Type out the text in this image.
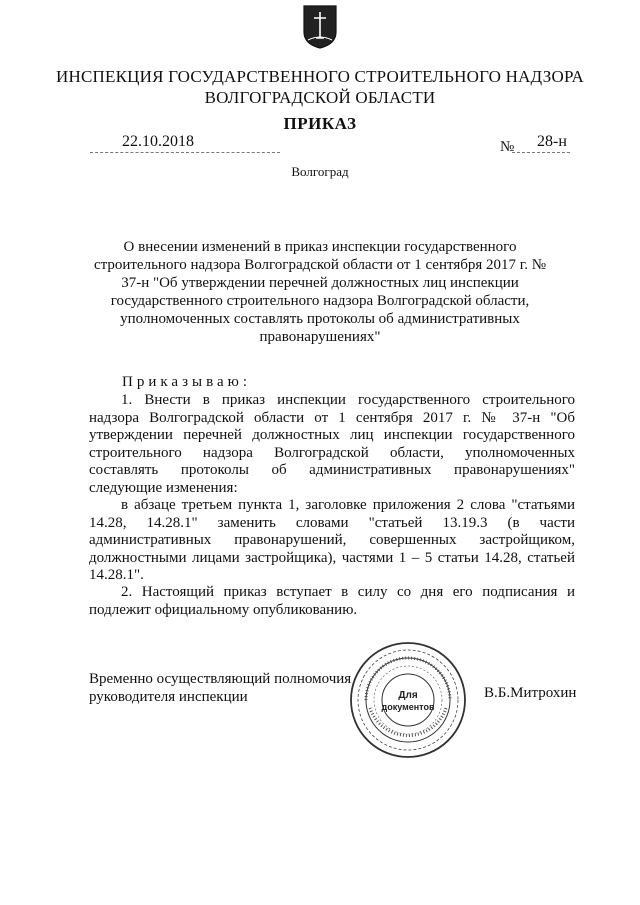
ИНСПЕКЦИЯ ГОСУДАРСТВЕННОГО СТРОИТЕЛЬНОГО НАДЗОРА
ВОЛГОГРАДСКОЙ ОБЛАСТИ
ПРИКАЗ
22.10.2018	№ 28-н
Волгоград
О внесении изменений в приказ инспекции государственного строительного надзора Волгоградской области от 1 сентября 2017 г. № 37-н "Об утверждении перечней должностных лиц инспекции государственного строительного надзора Волгоградской области, уполномоченных составлять протоколы об административных правонарушениях"
Приказываю:
1. Внести в приказ инспекции государственного строительного надзора Волгоградской области от 1 сентября 2017 г. № 37-н "Об утверждении перечней должностных лиц инспекции государственного строительного надзора Волгоградской области, уполномоченных составлять протоколы об административных правонарушениях" следующие изменения:
в абзаце третьем пункта 1, заголовке приложения 2 слова "статьями 14.28, 14.28.1" заменить словами "статьей 13.19.3 (в части административных правонарушений, совершенных застройщиком, должностными лицами застройщика), частями 1 – 5 статьи 14.28, статьей 14.28.1".
2. Настоящий приказ вступает в силу со дня его подписания и подлежит официальному опубликованию.
Временно осуществляющий полномочия
руководителя инспекции	Для
документов
В.Б.Митрохин
